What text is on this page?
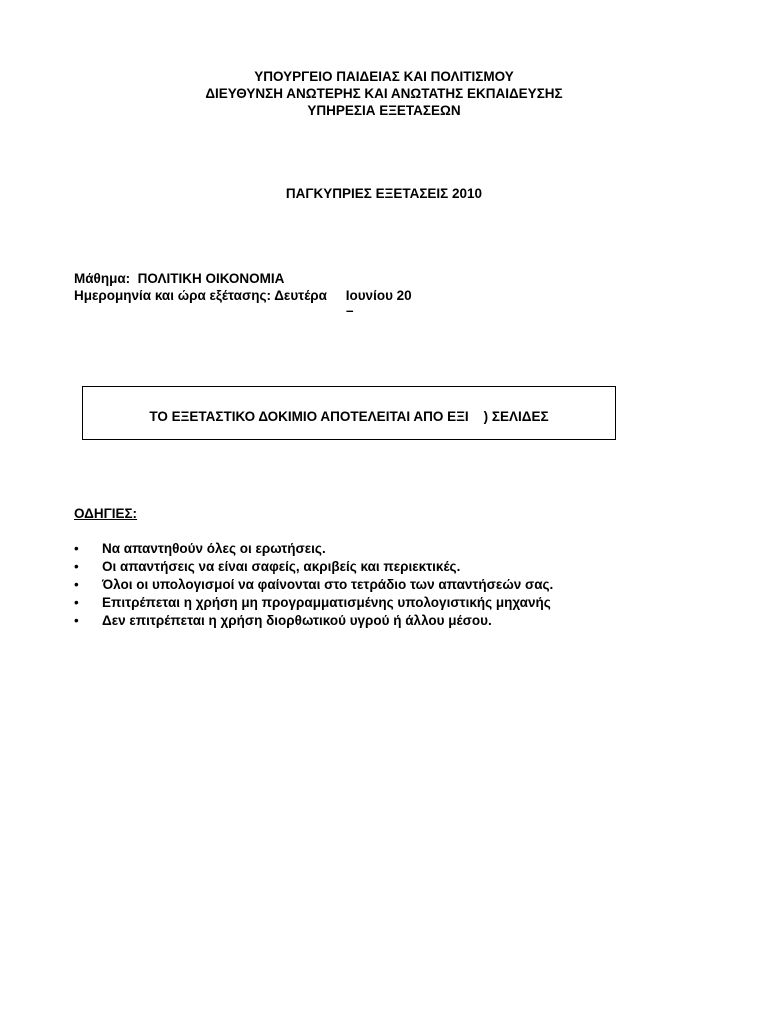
ΥΠΟΥΡΓΕΙΟ ΠΑΙΔΕΙΑΣ ΚΑΙ ΠΟΛΙΤΙΣΜΟΥ
ΔΙΕΥΘΥΝΣΗ ΑΝΩΤΕΡΗΣ ΚΑΙ ΑΝΩΤΑΤΗΣ ΕΚΠΑΙΔΕΥΣΗΣ
ΥΠΗΡΕΣΙΑ ΕΞΕΤΑΣΕΩΝ
ΠΑΓΚΥΠΡΙΕΣ ΕΞΕΤΑΣΕΙΣ 2010
Μάθημα:  ΠΟΛΙΤΙΚΗ ΟΙΚΟΝΟΜΙΑ
Ημερομηνία και ώρα εξέτασης: Δευτέρα     Ιουνίου 20
–
ΤΟ ΕΞΕΤΑΣΤΙΚΟ ΔΟΚΙΜΙΟ ΑΠΟΤΕΛΕΙΤΑΙ ΑΠΟ ΕΞΙ    ) ΣΕΛΙΔΕΣ
ΟΔΗΓΙΕΣ:
• Να απαντηθούν όλες οι ερωτήσεις.
• Οι απαντήσεις να είναι σαφείς, ακριβείς και περιεκτικές.
• Όλοι οι υπολογισμοί να φαίνονται στο τετράδιο των απαντήσεών σας.
• Επιτρέπεται η χρήση μη προγραμματισμένης υπολογιστικής μηχανής
• Δεν επιτρέπεται η χρήση διορθωτικού υγρού ή άλλου μέσου.
